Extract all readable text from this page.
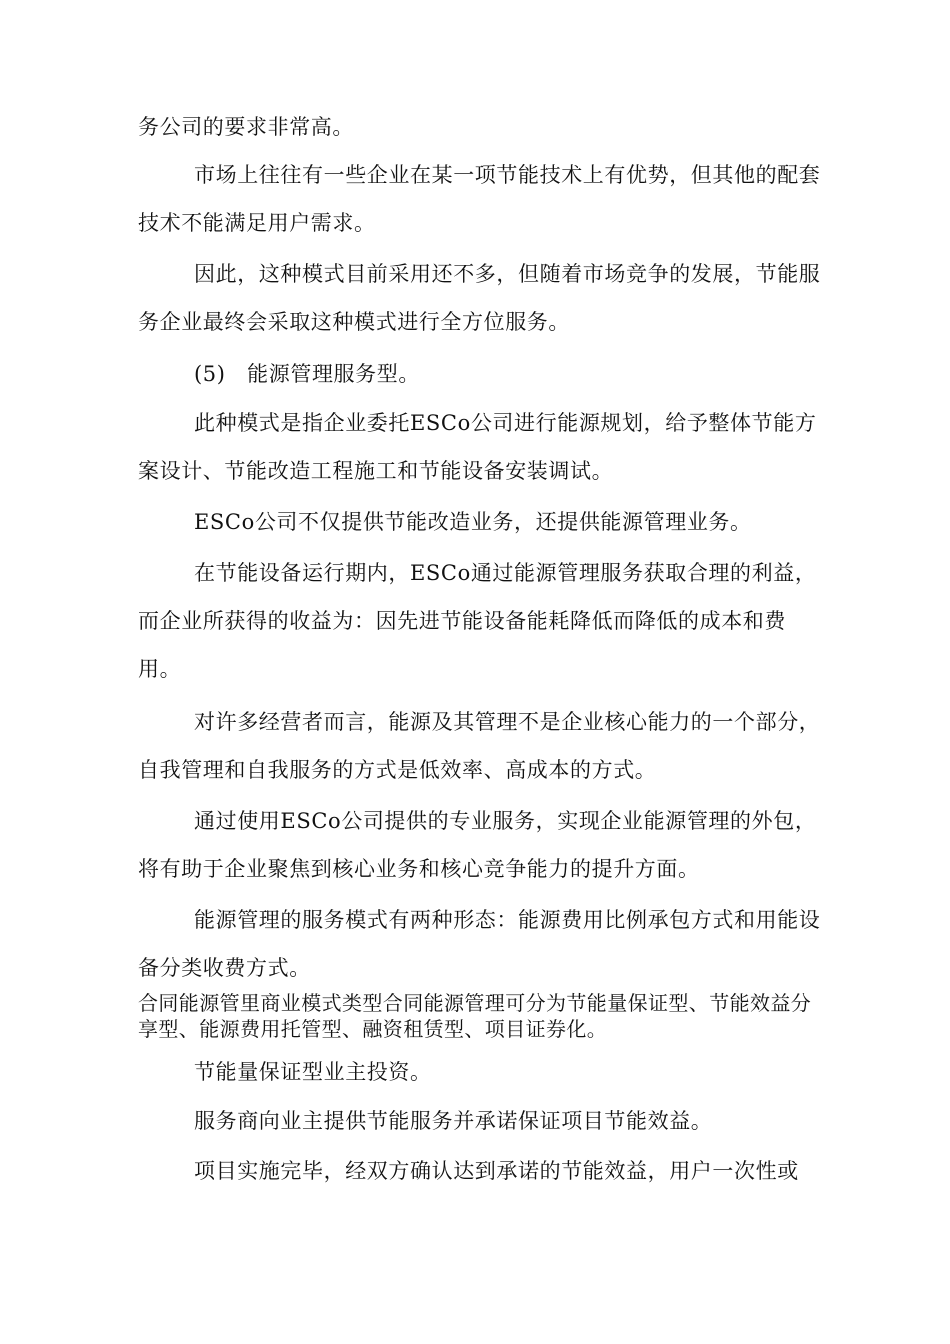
务公司的要求非常高。

市场上往往有一些企业在某一项节能技术上有优势，但其他的配套技术不能满足用户需求。

因此，这种模式目前采用还不多，但随着市场竞争的发展，节能服务企业最终会采取这种模式进行全方位服务。

(5)　能源管理服务型。

此种模式是指企业委托ESCo公司进行能源规划，给予整体节能方案设计、节能改造工程施工和节能设备安装调试。

ESCo公司不仅提供节能改造业务，还提供能源管理业务。

在节能设备运行期内，ESCo通过能源管理服务获取合理的利益，而企业所获得的收益为：因先进节能设备能耗降低而降低的成本和费用。

对许多经营者而言，能源及其管理不是企业核心能力的一个部分，自我管理和自我服务的方式是低效率、高成本的方式。

通过使用ESCo公司提供的专业服务，实现企业能源管理的外包，将有助于企业聚焦到核心业务和核心竞争能力的提升方面。

能源管理的服务模式有两种形态：能源费用比例承包方式和用能设备分类收费方式。

合同能源管里商业模式类型合同能源管理可分为节能量保证型、节能效益分享型、能源费用托管型、融资租赁型、项目证券化。

节能量保证型业主投资。

服务商向业主提供节能服务并承诺保证项目节能效益。

项目实施完毕，经双方确认达到承诺的节能效益，用户一次性或
